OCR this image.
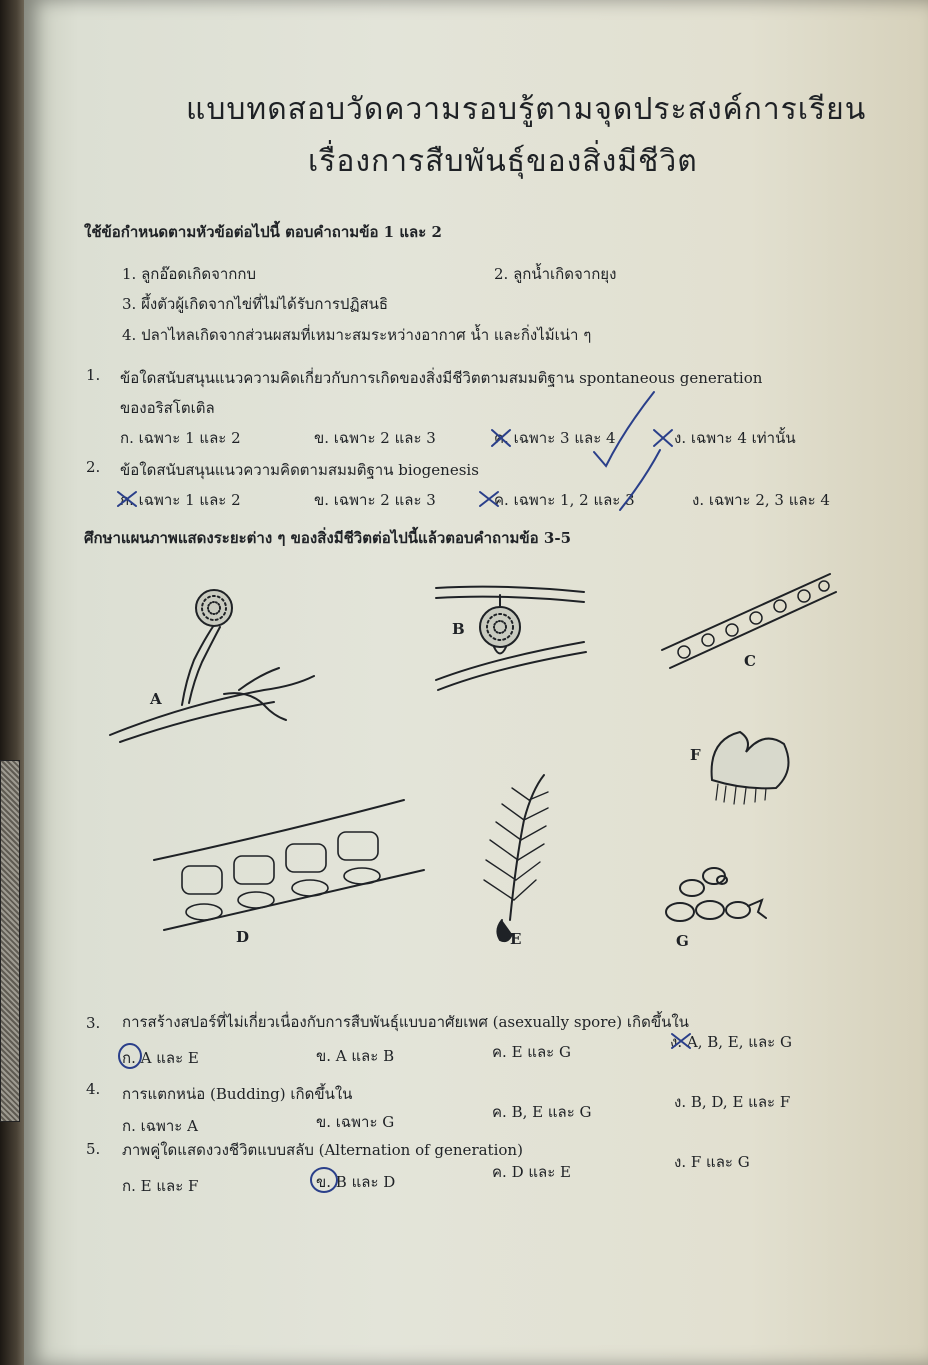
แบบทดสอบวัดความรอบรู้ตามจุดประสงค์การเรียน
เรื่องการสืบพันธุ์ของสิ่งมีชีวิต
ใช้ข้อกำหนดตามหัวข้อต่อไปนี้ ตอบคำถามข้อ 1 และ 2
1. ลูกอ๊อดเกิดจากกบ	2. ลูกน้ำเกิดจากยุง
3. ผึ้งตัวผู้เกิดจากไข่ที่ไม่ได้รับการปฏิสนธิ
4. ปลาไหลเกิดจากส่วนผสมที่เหมาะสมระหว่างอากาศ น้ำ และกิ่งไม้เน่า ๆ
1. ข้อใดสนับสนุนแนวความคิดเกี่ยวกับการเกิดของสิ่งมีชีวิตตามสมมติฐาน spontaneous generation
ของอริสโตเติล
ก. เฉพาะ 1 และ 2	ข. เฉพาะ 2 และ 3	ค. เฉพาะ 3 และ 4	ง. เฉพาะ 4 เท่านั้น
2. ข้อใดสนับสนุนแนวความคิดตามสมมติฐาน biogenesis
ก. เฉพาะ 1 และ 2	ข. เฉพาะ 2 และ 3	ค. เฉพาะ 1, 2 และ 3	ง. เฉพาะ 2, 3 และ 4
ศึกษาแผนภาพแสดงระยะต่าง ๆ ของสิ่งมีชีวิตต่อไปนี้แล้วตอบคำถามข้อ 3-5
A
B
C
D	E
F
G
3. การสร้างสปอร์ที่ไม่เกี่ยวเนื่องกับการสืบพันธุ์แบบอาศัยเพศ (asexually spore) เกิดขึ้นใน
ก. A และ E	ข. A และ B	ค. E และ G
ง. A, B, E, และ G
4. การแตกหน่อ (Budding) เกิดขึ้นใน
ก. เฉพาะ A	ข. เฉพาะ G
ค. B, E และ G
ง. B, D, E และ F
5. ภาพคู่ใดแสดงวงชีวิตแบบสลับ (Alternation of generation)
ก. E และ F	ข. B และ D
ค. D และ E
ง. F และ G
